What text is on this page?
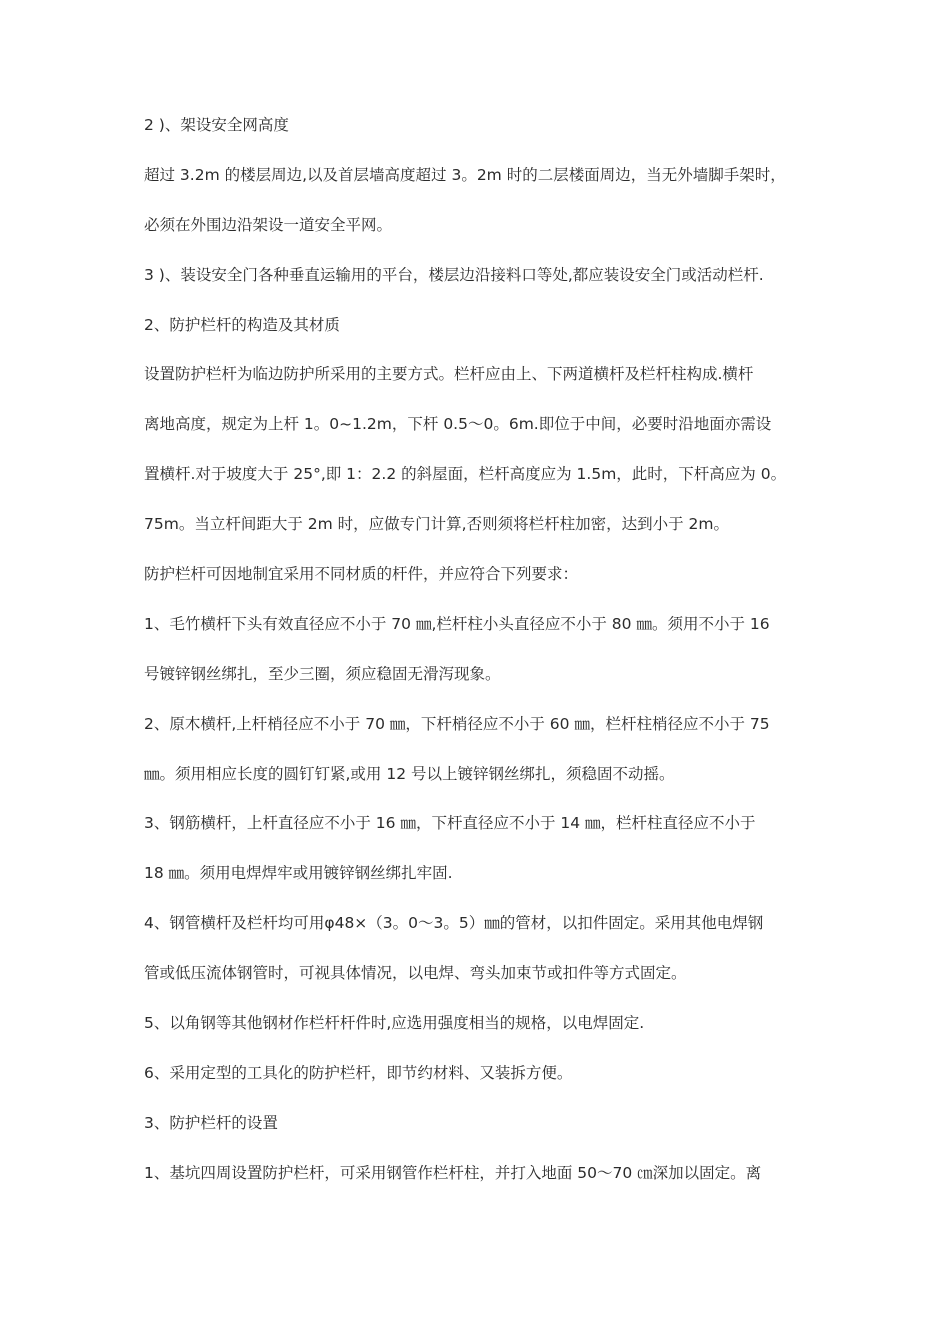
2 )、架设安全网高度
超过 3.2m 的楼层周边,以及首层墙高度超过 3。2m 时的二层楼面周边，当无外墙脚手架时，
必须在外围边沿架设一道安全平网。
3 )、装设安全门各种垂直运输用的平台，楼层边沿接料口等处,都应装设安全门或活动栏杆.
2、防护栏杆的构造及其材质
设置防护栏杆为临边防护所采用的主要方式。栏杆应由上、下两道横杆及栏杆柱构成.横杆
离地高度，规定为上杆 1。0~1.2m，下杆 0.5～0。6m.即位于中间，必要时沿地面亦需设
置横杆.对于坡度大于 25°,即 1：2.2 的斜屋面，栏杆高度应为 1.5m，此时，下杆高应为 0。
75m。当立杆间距大于 2m 时，应做专门计算,否则须将栏杆柱加密，达到小于 2m。
防护栏杆可因地制宜采用不同材质的杆件，并应符合下列要求：
1、毛竹横杆下头有效直径应不小于 70 ㎜,栏杆柱小头直径应不小于 80 ㎜。须用不小于 16
号镀锌钢丝绑扎，至少三圈，须应稳固无滑泻现象。
2、原木横杆,上杆梢径应不小于 70 ㎜，下杆梢径应不小于 60 ㎜，栏杆柱梢径应不小于 75
㎜。须用相应长度的圆钉钉紧,或用 12 号以上镀锌钢丝绑扎，须稳固不动摇。
3、钢筋横杆，上杆直径应不小于 16 ㎜，下杆直径应不小于 14 ㎜，栏杆柱直径应不小于
18 ㎜。须用电焊焊牢或用镀锌钢丝绑扎牢固.
4、钢管横杆及栏杆均可用φ48×（3。0～3。5）㎜的管材，以扣件固定。采用其他电焊钢
管或低压流体钢管时，可视具体情况，以电焊、弯头加束节或扣件等方式固定。
5、以角钢等其他钢材作栏杆杆件时,应选用强度相当的规格，以电焊固定.
6、采用定型的工具化的防护栏杆，即节约材料、又装拆方便。
3、防护栏杆的设置
1、基坑四周设置防护栏杆，可采用钢管作栏杆柱，并打入地面 50～70 ㎝深加以固定。离
